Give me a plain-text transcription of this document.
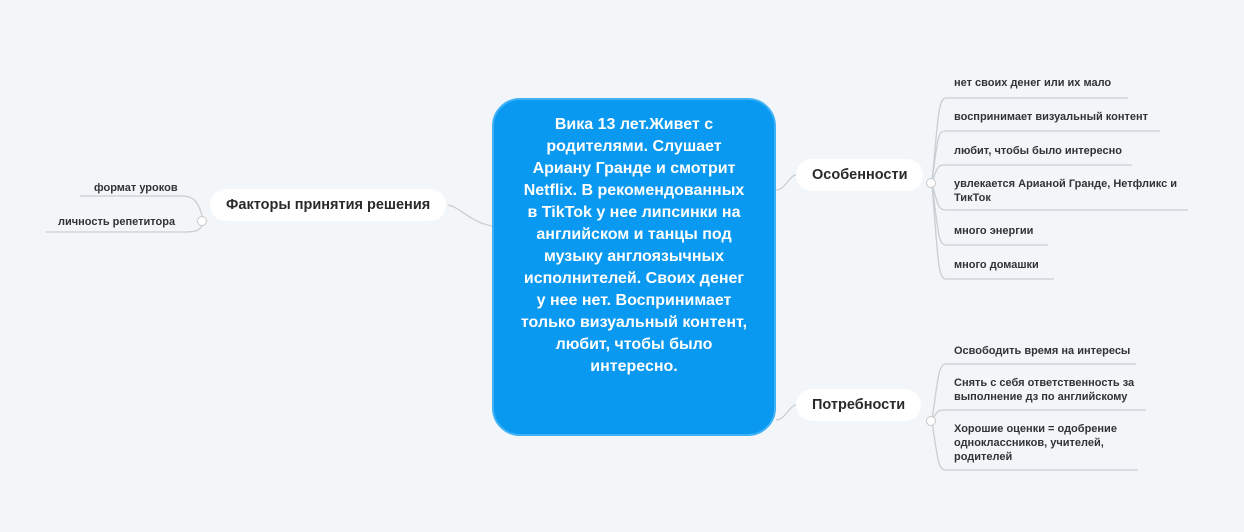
Вика 13 лет.Живет с родителями. Слушает Ариану Гранде и смотрит Netflix. В рекомендованных в TikTok у нее липсинки на английском и танцы под музыку англоязычных исполнителей. Своих денег у нее нет. Воспринимает только визуальный контент, любит, чтобы было интересно.
Факторы принятия решения
формат уроков
личность репетитора
Особенности
нет своих денег или их мало
воспринимает визуальный контент
любит, чтобы было интересно
увлекается Арианой Гранде, Нетфликс и ТикТок
много энергии
много домашки
Потребности
Освободить время на интересы
Снять с себя ответственность за выполнение дз по английскому
Хорошие оценки = одобрение одноклассников, учителей, родителей
